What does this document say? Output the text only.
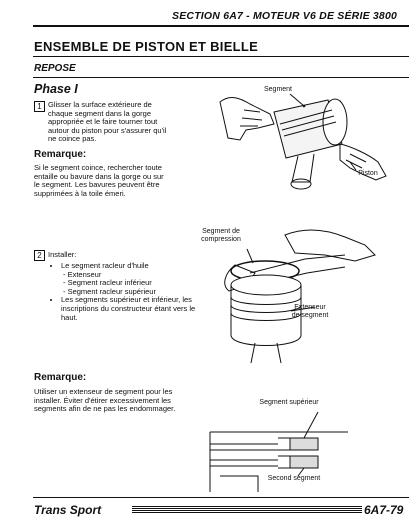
SECTION 6A7 - MOTEUR V6 DE SÉRIE 3800
ENSEMBLE DE PISTON ET BIELLE
REPOSE
Phase I
1 Glisser la surface extérieure de
chaque segment dans la gorge
appropriée et le faire tourner tout
autour du piston pour s'assurer qu'il
ne coince pas.
Remarque:
Si le segment coince, rechercher toute
entaille ou bavure dans la gorge ou sur
le segment. Les bavures peuvent être
supprimées à la toile émeri.
Segment
Piston
2 Installer:
• Le segment racleur d'huile
- Extenseur
- Segment racleur inférieur
- Segment racleur supérieur
• Les segments supérieur et inférieur, les inscriptions du constructeur étant vers le haut.
Segment de
compression
Extenseur
de segment
Remarque:
Utiliser un extenseur de segment pour les
installer. Éviter d'étirer excessivement les
segments afin de ne pas les endommager.
Segment supérieur
Second segment
Trans Sport	6A7-79
